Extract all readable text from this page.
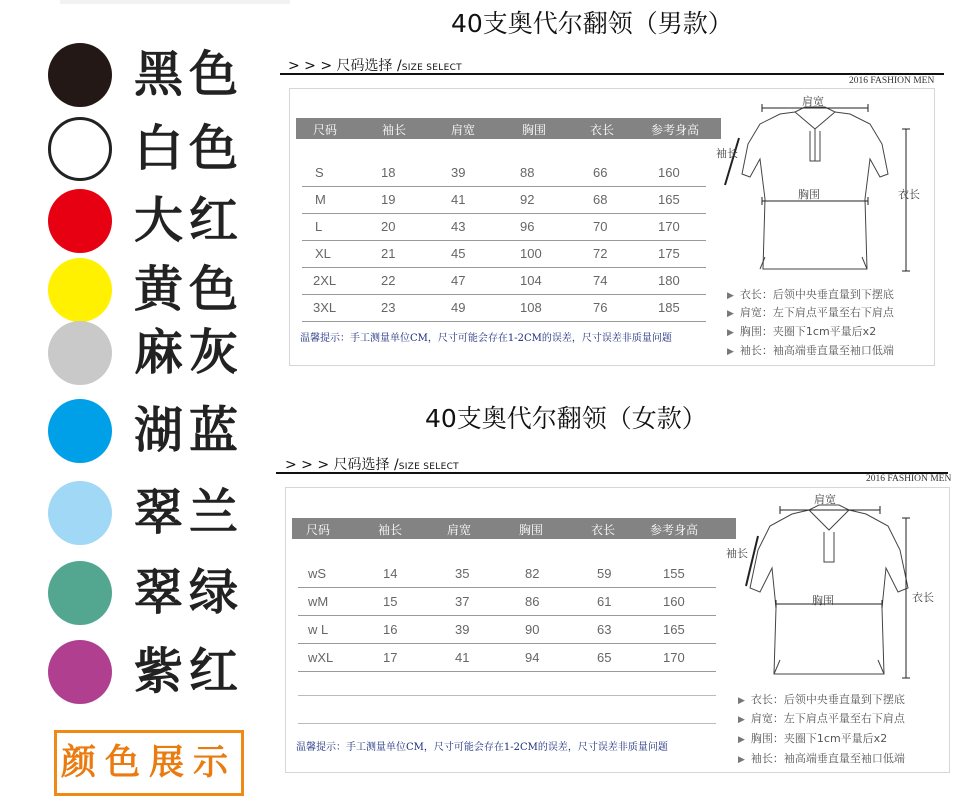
黑色
白色
大红
黄色
麻灰
湖蓝
翠兰
翠绿
紫红
颜色展示
40支奥代尔翻领（男款）
> > > 尺码选择 /SIZE SELECT
2016 FASHION MEN
尺码	袖长	肩宽	胸围	衣长	参考身高
S	18	39	88	66	160
M	19	41	92	68	165
L	20	43	96	70	170
XL	21	45	100	72	175
2XL	22	47	104	74	180
3XL	23	49	108	76	185
温馨提示：手工测量单位CM，尺寸可能会存在1-2CM的误差，尺寸误差非质量问题
肩宽
袖长
胸围	衣长
▶ 衣长：后领中央垂直量到下摆底
▶ 肩宽：左下肩点平量至右下肩点
▶ 胸围：夹圈下1cm平量后x2
▶ 袖长：袖高端垂直量至袖口低端
40支奥代尔翻领（女款）
> > > 尺码选择 /SIZE SELECT
2016 FASHION MEN
尺码	袖长	肩宽	胸围	衣长	参考身高
wS	14	35	82	59	155
wM	15	37	86	61	160
w L	16	39	90	63	165
wXL	17	41	94	65	170
温馨提示：手工测量单位CM，尺寸可能会存在1-2CM的误差，尺寸误差非质量问题
肩宽
袖长
胸围	衣长
▶ 衣长：后领中央垂直量到下摆底
▶ 肩宽：左下肩点平量至右下肩点
▶ 胸围：夹圈下1cm平量后x2
▶ 袖长：袖高端垂直量至袖口低端
